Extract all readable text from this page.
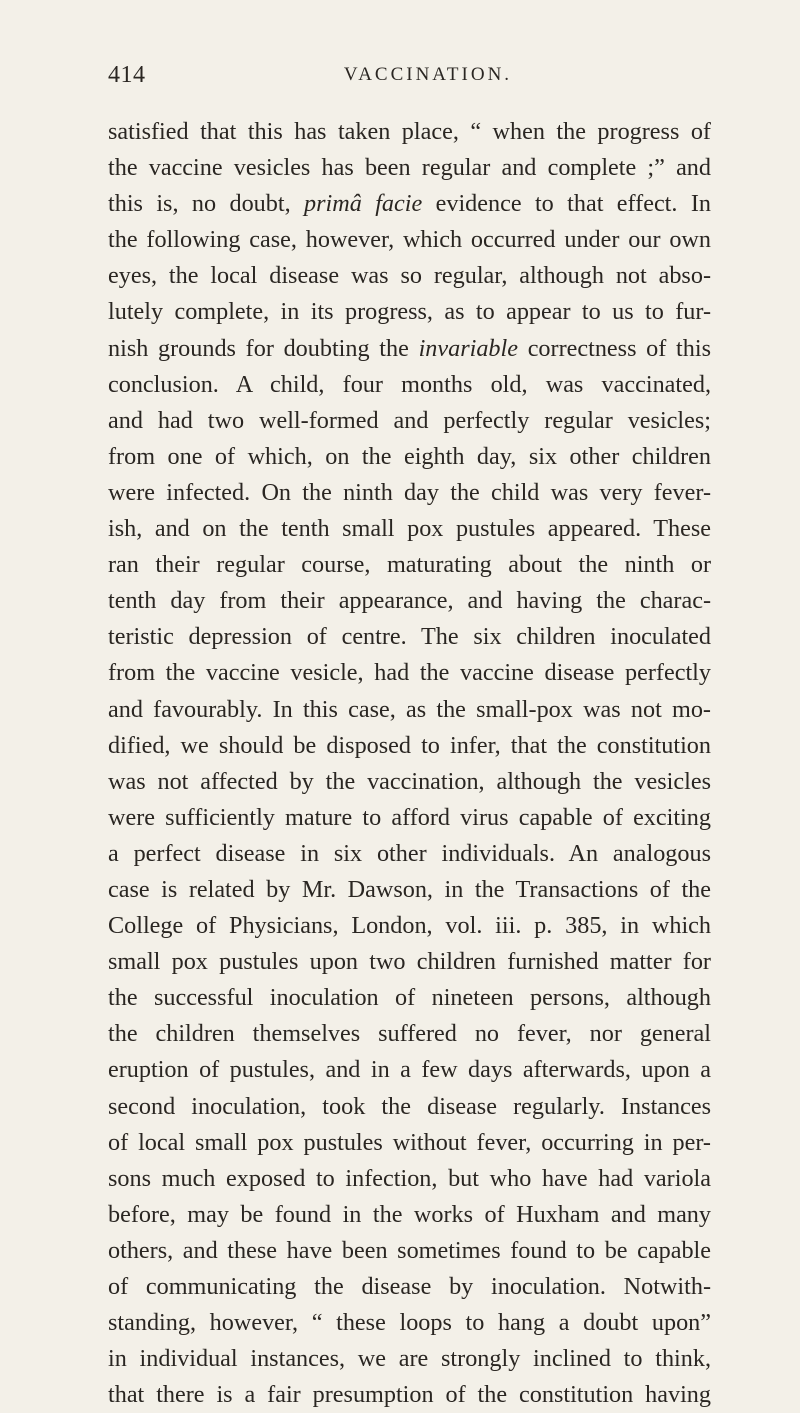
414	VACCINATION.
satisfied that this has taken place, “ when the progress of
the vaccine vesicles has been regular and complete ;” and
this is, no doubt, primâ facie evidence to that effect. In
the following case, however, which occurred under our own
eyes, the local disease was so regular, although not abso-
lutely complete, in its progress, as to appear to us to fur-
nish grounds for doubting the invariable correctness of this
conclusion. A child, four months old, was vaccinated,
and had two well-formed and perfectly regular vesicles;
from one of which, on the eighth day, six other children
were infected. On the ninth day the child was very fever-
ish, and on the tenth small pox pustules appeared. These
ran their regular course, maturating about the ninth or
tenth day from their appearance, and having the charac-
teristic depression of centre. The six children inoculated
from the vaccine vesicle, had the vaccine disease perfectly
and favourably. In this case, as the small-pox was not mo-
dified, we should be disposed to infer, that the constitution
was not affected by the vaccination, although the vesicles
were sufficiently mature to afford virus capable of exciting
a perfect disease in six other individuals. An analogous
case is related by Mr. Dawson, in the Transactions of the
College of Physicians, London, vol. iii. p. 385, in which
small pox pustules upon two children furnished matter for
the successful inoculation of nineteen persons, although
the children themselves suffered no fever, nor general
eruption of pustules, and in a few days afterwards, upon a
second inoculation, took the disease regularly. Instances
of local small pox pustules without fever, occurring in per-
sons much exposed to infection, but who have had variola
before, may be found in the works of Huxham and many
others, and these have been sometimes found to be capable
of communicating the disease by inoculation. Notwith-
standing, however, “ these loops to hang a doubt upon”
in individual instances, we are strongly inclined to think,
that there is a fair presumption of the constitution having
